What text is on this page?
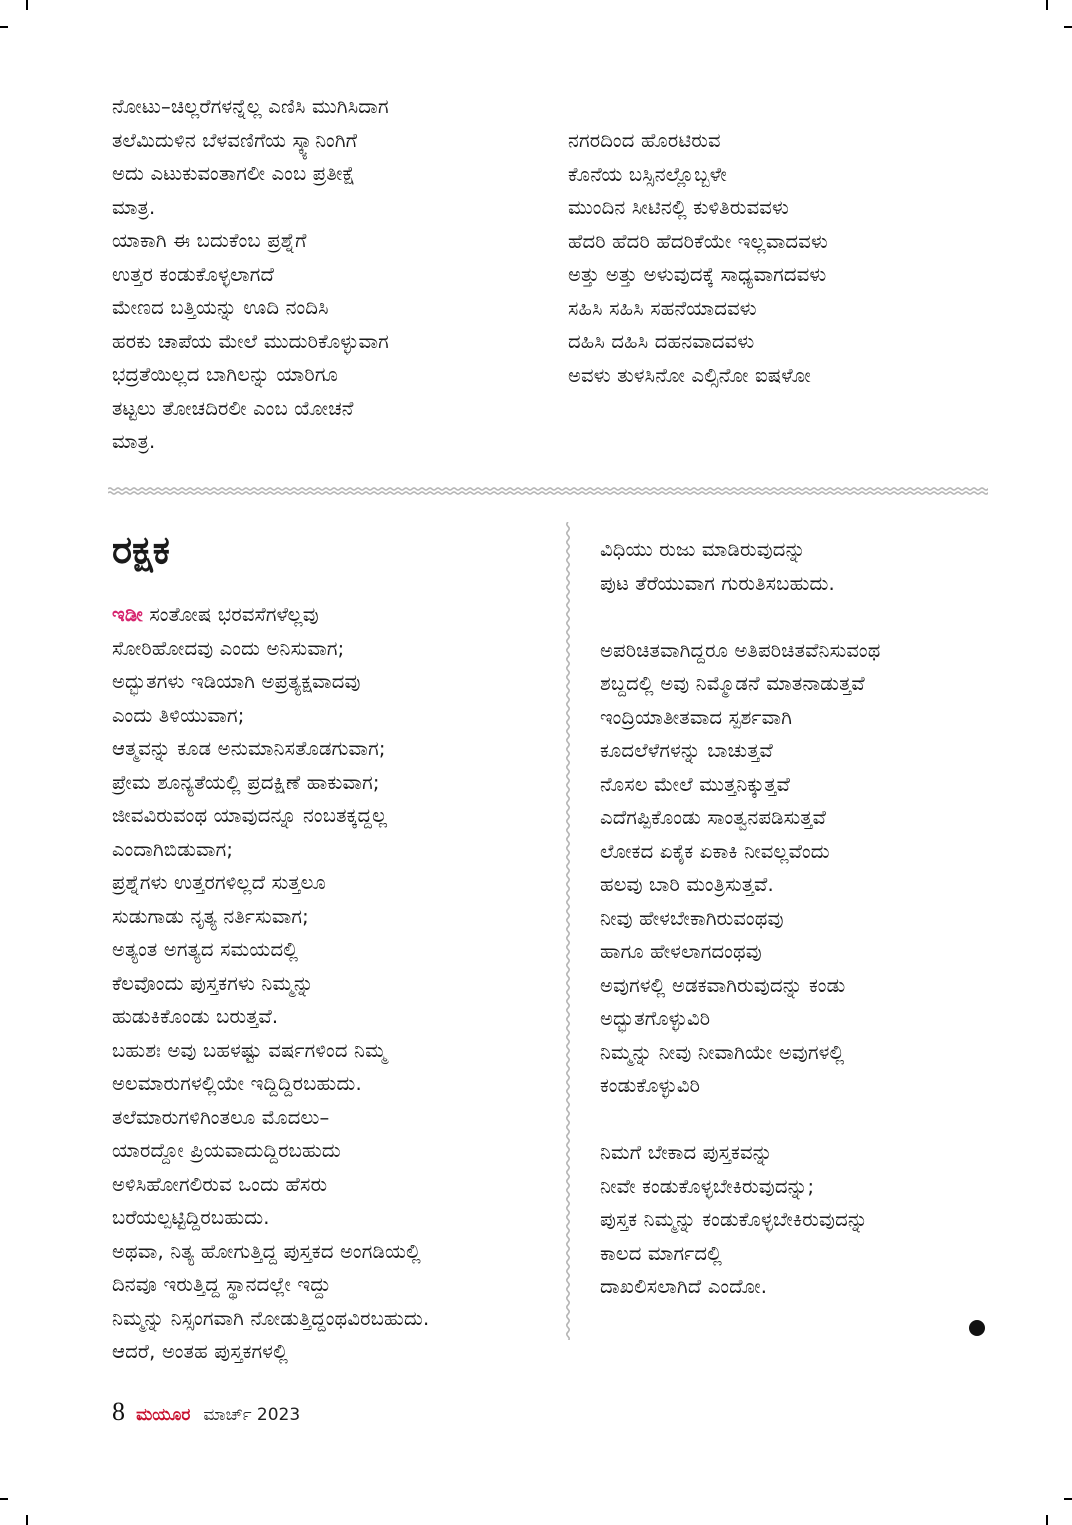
ನೋಟು–ಚಿಲ್ಲರೆಗಳನ್ನೆಲ್ಲ ಎಣಿಸಿ ಮುಗಿಸಿದಾಗ
ತಲೆಮಿದುಳಿನ ಬೆಳವಣಿಗೆಯ ಸ್ಕ್ಯಾನಿಂಗಿಗೆ
ಅದು ಎಟುಕುವಂತಾಗಲೀ ಎಂಬ ಪ್ರತೀಕ್ಷೆ
ಮಾತ್ರ.
ಯಾಕಾಗಿ ಈ ಬದುಕೆಂಬ ಪ್ರಶ್ನೆಗೆ
ಉತ್ತರ ಕಂಡುಕೊಳ್ಳಲಾಗದೆ
ಮೇಣದ ಬತ್ತಿಯನ್ನು ಊದಿ ನಂದಿಸಿ
ಹರಕು ಚಾಪೆಯ ಮೇಲೆ ಮುದುರಿಕೊಳ್ಳುವಾಗ
ಭದ್ರತೆಯಿಲ್ಲದ ಬಾಗಿಲನ್ನು ಯಾರಿಗೂ
ತಟ್ಟಲು ತೋಚದಿರಲೀ ಎಂಬ ಯೋಚನೆ
ಮಾತ್ರ.
ನಗರದಿಂದ ಹೊರಟಿರುವ
ಕೊನೆಯ ಬಸ್ಸಿನಲ್ಲೊಬ್ಬಳೇ
ಮುಂದಿನ ಸೀಟಿನಲ್ಲಿ ಕುಳಿತಿರುವವಳು
ಹೆದರಿ ಹೆದರಿ ಹೆದರಿಕೆಯೇ ಇಲ್ಲವಾದವಳು
ಅತ್ತು ಅತ್ತು ಅಳುವುದಕ್ಕೆ ಸಾಧ್ಯವಾಗದವಳು
ಸಹಿಸಿ ಸಹಿಸಿ ಸಹನೆಯಾದವಳು
ದಹಿಸಿ ದಹಿಸಿ ದಹನವಾದವಳು
ಅವಳು ತುಳಸಿನೋ ಎಲ್ಸಿನೋ ಐಷಳೋ
ರಕ್ಷಕ
ಇಡೀ ಸಂತೋಷ ಭರವಸೆಗಳೆಲ್ಲವು
ಸೋರಿಹೋದವು ಎಂದು ಅನಿಸುವಾಗ;
ಅದ್ಭುತಗಳು ಇಡಿಯಾಗಿ ಅಪ್ರತ್ಯಕ್ಷವಾದವು
ಎಂದು ತಿಳಿಯುವಾಗ;
ಆತ್ಮವನ್ನು ಕೂಡ ಅನುಮಾನಿಸತೊಡಗುವಾಗ;
ಪ್ರೇಮ ಶೂನ್ಯತೆಯಲ್ಲಿ ಪ್ರದಕ್ಷಿಣೆ ಹಾಕುವಾಗ;
ಜೀವವಿರುವಂಥ ಯಾವುದನ್ನೂ ನಂಬತಕ್ಕದ್ದಲ್ಲ
ಎಂದಾಗಿಬಿಡುವಾಗ;
ಪ್ರಶ್ನೆಗಳು ಉತ್ತರಗಳಿಲ್ಲದೆ ಸುತ್ತಲೂ
ಸುಡುಗಾಡು ನೃತ್ಯ ನರ್ತಿಸುವಾಗ;
ಅತ್ಯಂತ ಅಗತ್ಯದ ಸಮಯದಲ್ಲಿ
ಕೆಲವೊಂದು ಪುಸ್ತಕಗಳು ನಿಮ್ಮನ್ನು
ಹುಡುಕಿಕೊಂಡು ಬರುತ್ತವೆ.
ಬಹುಶಃ ಅವು ಬಹಳಷ್ಟು ವರ್ಷಗಳಿಂದ ನಿಮ್ಮ
ಅಲಮಾರುಗಳಲ್ಲಿಯೇ ಇದ್ದಿದ್ದಿರಬಹುದು.
ತಲೆಮಾರುಗಳಿಗಿಂತಲೂ ಮೊದಲು–
ಯಾರದ್ದೋ ಪ್ರಿಯವಾದುದ್ದಿರಬಹುದು
ಅಳಿಸಿಹೋಗಲಿರುವ ಒಂದು ಹೆಸರು
ಬರೆಯಲ್ಪಟ್ಟಿದ್ದಿರಬಹುದು.
ಅಥವಾ, ನಿತ್ಯ ಹೋಗುತ್ತಿದ್ದ ಪುಸ್ತಕದ ಅಂಗಡಿಯಲ್ಲಿ
ದಿನವೂ ಇರುತ್ತಿದ್ದ ಸ್ಥಾನದಲ್ಲೇ ಇದ್ದು
ನಿಮ್ಮನ್ನು ನಿಸ್ಸಂಗವಾಗಿ ನೋಡುತ್ತಿದ್ದಂಥವಿರಬಹುದು.
ಆದರೆ, ಅಂತಹ ಪುಸ್ತಕಗಳಲ್ಲಿ
ವಿಧಿಯು ರುಜು ಮಾಡಿರುವುದನ್ನು
ಪುಟ ತೆರೆಯುವಾಗ ಗುರುತಿಸಬಹುದು.
ಅಪರಿಚಿತವಾಗಿದ್ದರೂ ಅತಿಪರಿಚಿತವೆನಿಸುವಂಥ
ಶಬ್ದದಲ್ಲಿ ಅವು ನಿಮ್ಮೊಡನೆ ಮಾತನಾಡುತ್ತವೆ
ಇಂದ್ರಿಯಾತೀತವಾದ ಸ್ಪರ್ಶವಾಗಿ
ಕೂದಲೆಳೆಗಳನ್ನು ಬಾಚುತ್ತವೆ
ನೊಸಲ ಮೇಲೆ ಮುತ್ತನಿಕ್ಕುತ್ತವೆ
ಎದೆಗಪ್ಪಿಕೊಂಡು ಸಾಂತ್ವನಪಡಿಸುತ್ತವೆ
ಲೋಕದ ಏಕೈಕ ಏಕಾಕಿ ನೀವಲ್ಲವೆಂದು
ಹಲವು ಬಾರಿ ಮಂತ್ರಿಸುತ್ತವೆ.
ನೀವು ಹೇಳಬೇಕಾಗಿರುವಂಥವು
ಹಾಗೂ ಹೇಳಲಾಗದಂಥವು
ಅವುಗಳಲ್ಲಿ ಅಡಕವಾಗಿರುವುದನ್ನು ಕಂಡು
ಅದ್ಭುತಗೊಳ್ಳುವಿರಿ
ನಿಮ್ಮನ್ನು ನೀವು ನೀವಾಗಿಯೇ ಅವುಗಳಲ್ಲಿ
ಕಂಡುಕೊಳ್ಳುವಿರಿ
ನಿಮಗೆ ಬೇಕಾದ ಪುಸ್ತಕವನ್ನು
ನೀವೇ ಕಂಡುಕೊಳ್ಳಬೇಕಿರುವುದನ್ನು;
ಪುಸ್ತಕ ನಿಮ್ಮನ್ನು ಕಂಡುಕೊಳ್ಳಬೇಕಿರುವುದನ್ನು
ಕಾಲದ ಮಾರ್ಗದಲ್ಲಿ
ದಾಖಲಿಸಲಾಗಿದೆ ಎಂದೋ.
8 ಮಯೂರ ಮಾರ್ಚ್ 2023
